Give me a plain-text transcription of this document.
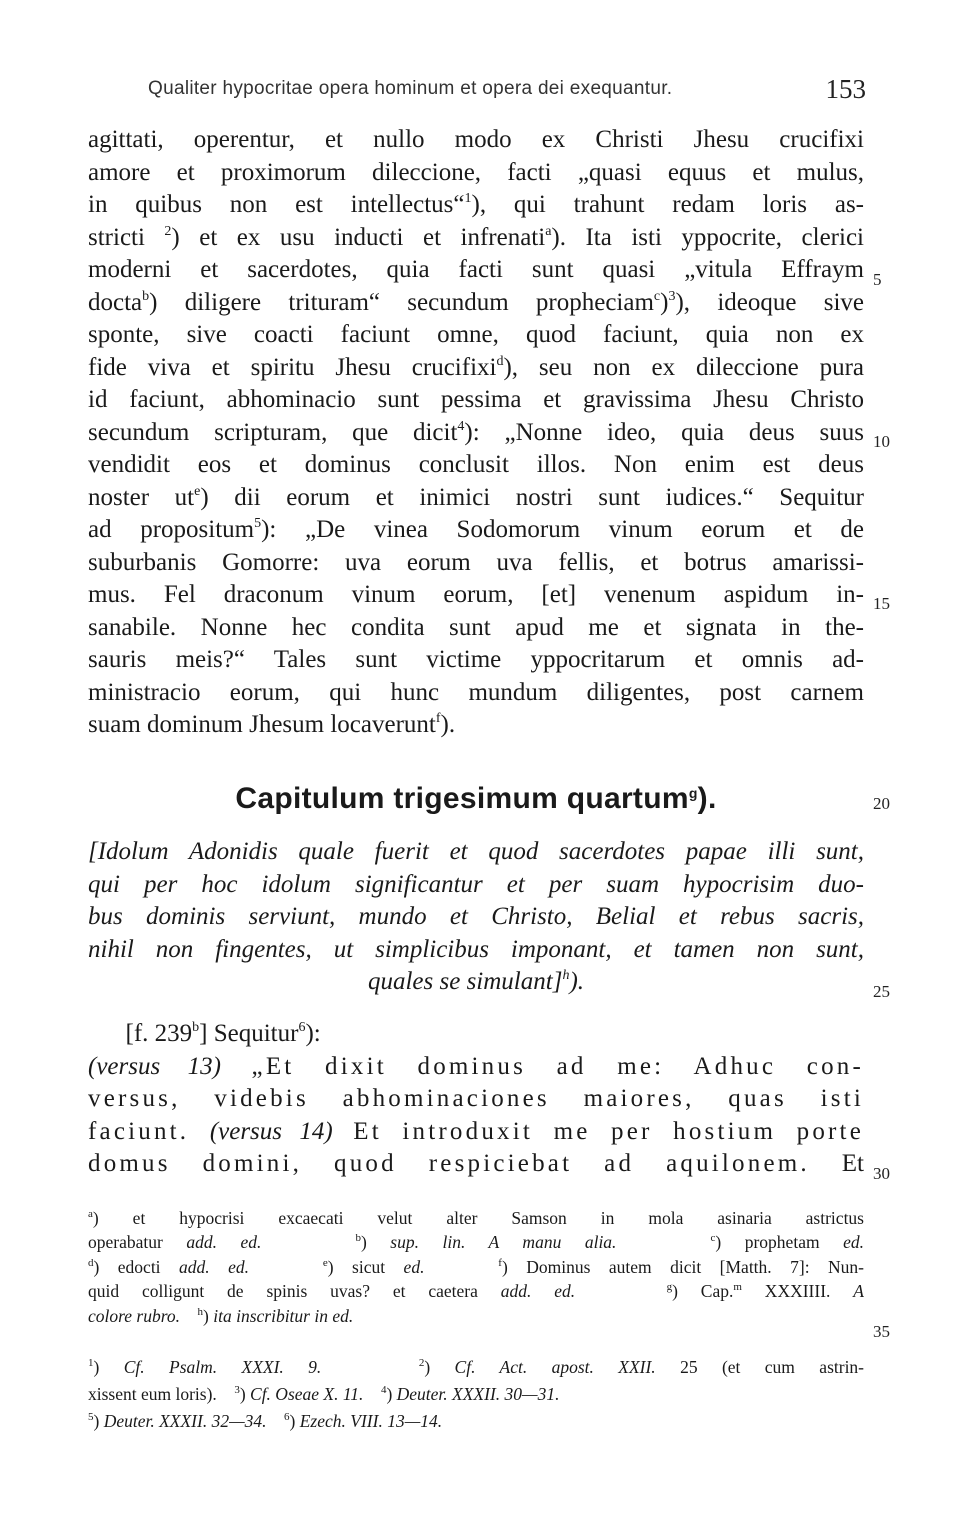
Qualiter hypocritae opera hominum et opera dei exequantur.	153
agittati, operentur, et nullo modo ex Christi Jhesu crucifixi
amore et proximorum dileccione, facti „quasi equus et mulus,
in quibus non est intellectus“$^1$), qui trahunt redam loris as-
stricti $^2$) et ex usu inducti et infrenati$^a$). Ita isti yppocrite, clerici
moderni et sacerdotes, quia facti sunt quasi „vitula Effraym
docta$^b$) diligere trituram“ secundum propheciam$^c$)$^3$), ideoque sive
sponte, sive coacti faciunt omne, quod faciunt, quia non ex
fide viva et spiritu Jhesu crucifixi$^d$), seu non ex dileccione pura
id faciunt, abhominacio sunt pessima et gravissima Jhesu Christo
secundum scripturam, que dicit$^4$): „Nonne ideo, quia deus suus
vendidit eos et dominus conclusit illos. Non enim est deus
noster $ut^e$) dii eorum et inimici nostri sunt iudices.“ Sequitur
ad propositum$^5$): „De vinea Sodomorum vinum eorum et de
suburbanis Gomorre: uva eorum uva fellis, et botrus amarissi-
mus. Fel draconum vinum eorum, [et] venenum aspidum in-
sanabile. Nonne hec condita sunt apud me et signata in the-
sauris meis?“ Tales sunt victime yppocritarum et omnis ad-
ministracio eorum, qui hunc mundum diligentes, post carnem
suam dominum Jhesum locaverunt$^f$).
Capitulum trigesimum quartum$^g$).
[Idolum Adonidis quale fuerit et quod sacerdotes papae illi sunt,
qui per hoc idolum significantur et per suam hypocrisim duo-
bus dominis serviunt, mundo et Christo, Belial et rebus sacris,
nihil non fingentes, ut simplicibus imponant, et tamen non sunt,
quales se simulant]$^h$).
[f. 239$^b$] Sequitur$^6$):
(versus 13) „Et dixit dominus ad me: Adhuc con-
versus, videbis abhominaciones maiores, quas isti
faciunt. (versus 14) Et introduxit me per hostium porte
domus domini, quod respiciebat ad aquilonem. Et
5
10
15
20
25
30
35
$^a$) et hypocrisi excaecati velut alter Samson in mola asinaria astrictus
operabatur add. ed.	$^b$) sup. lin. A manu alia.	$^c$) prophetam ed.
$^d$) edocti add. ed.	$^e$) sicut ed.	$^f$) Dominus autem dicit [Matth. 7]: Nun-
quid colligunt de spinis uvas? et caetera add. ed.	$^g$) Cap.$^m$ XXXIIII. A
colore rubro. $^h$) ita inscribitur in ed.
$^1$) Cf. Psalm. XXXI. 9.	$^2$) Cf. Act. apost. XXII. 25 (et cum astrin-
xissent eum loris).    $^3$) Cf. Oseae X. 11. $^4$) Deuter. XXXII. 30—31.
$^5$) Deuter. XXXII. 32—34. $^6$) Ezech. VIII. 13—14.
